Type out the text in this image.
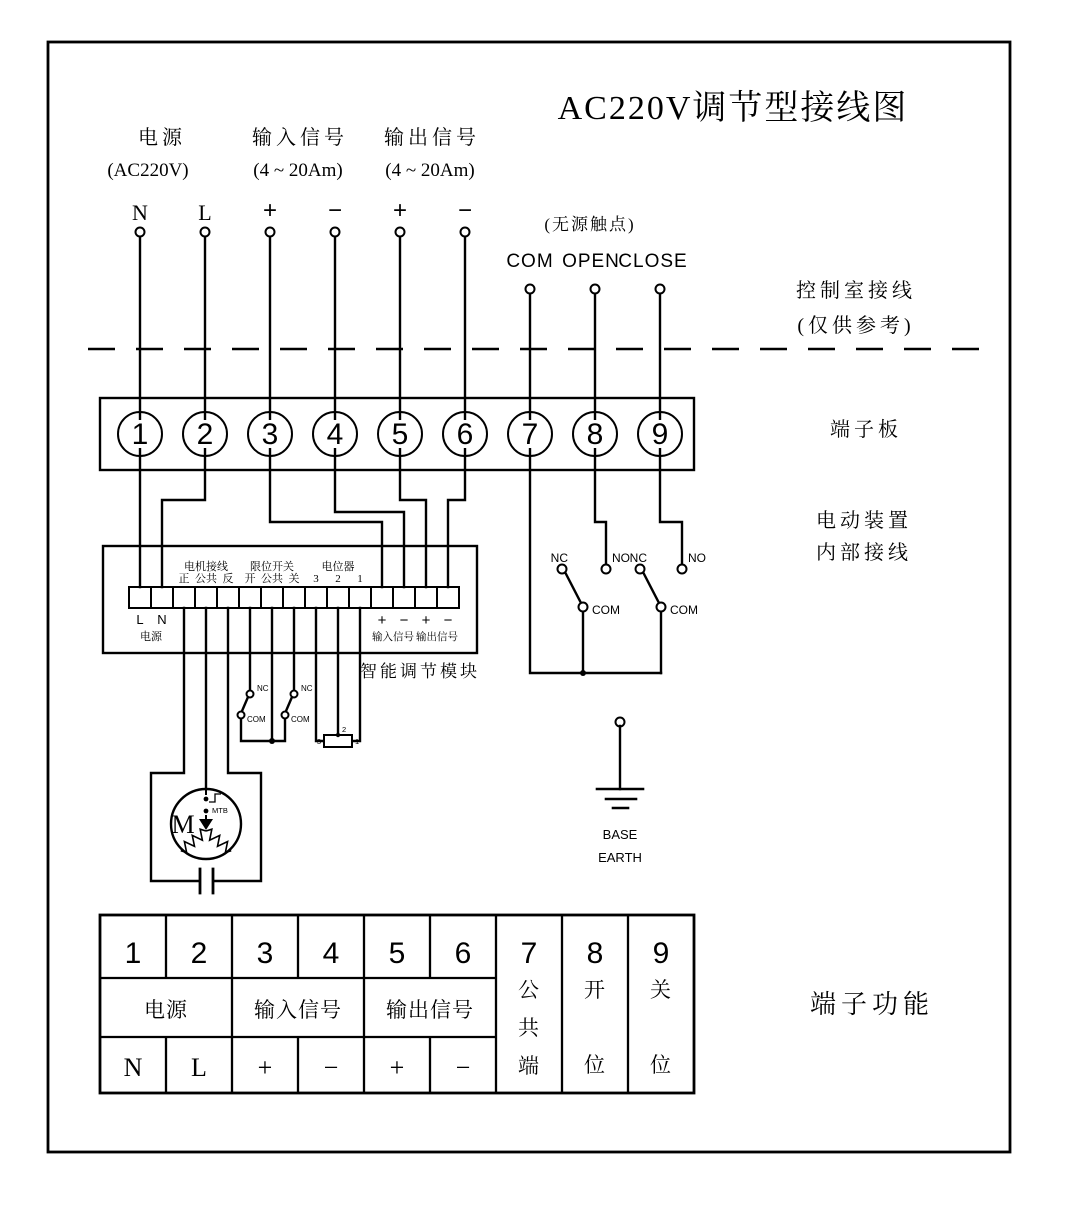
AC220V调节型接线图
电源
(AC220V)
输入信号
(4 ~ 20Am)
输出信号
(4 ~ 20Am)
N L + − + −
(无源触点)
COM OPEN
CLOSE
控制室接线
(仅供参考)
端子板
电动装置
内部接线
端子功能
1 2 3 4 5 6 7 8 9
电机接线 限位开关	电位器
正 公共 反 开 公共 关 3 2 1
L N
电源
+ − + −
输入信号 输出信号
智能调节模块
NC	NC
COM	COM
3
2
1
M MTB
NC	NO NC	NO
COM	COM
BASE
EARTH
1 2 3 4 5 6 7 8 9
电源	输入信号 输出信号
公共端
开位
关位
N L + − + −
